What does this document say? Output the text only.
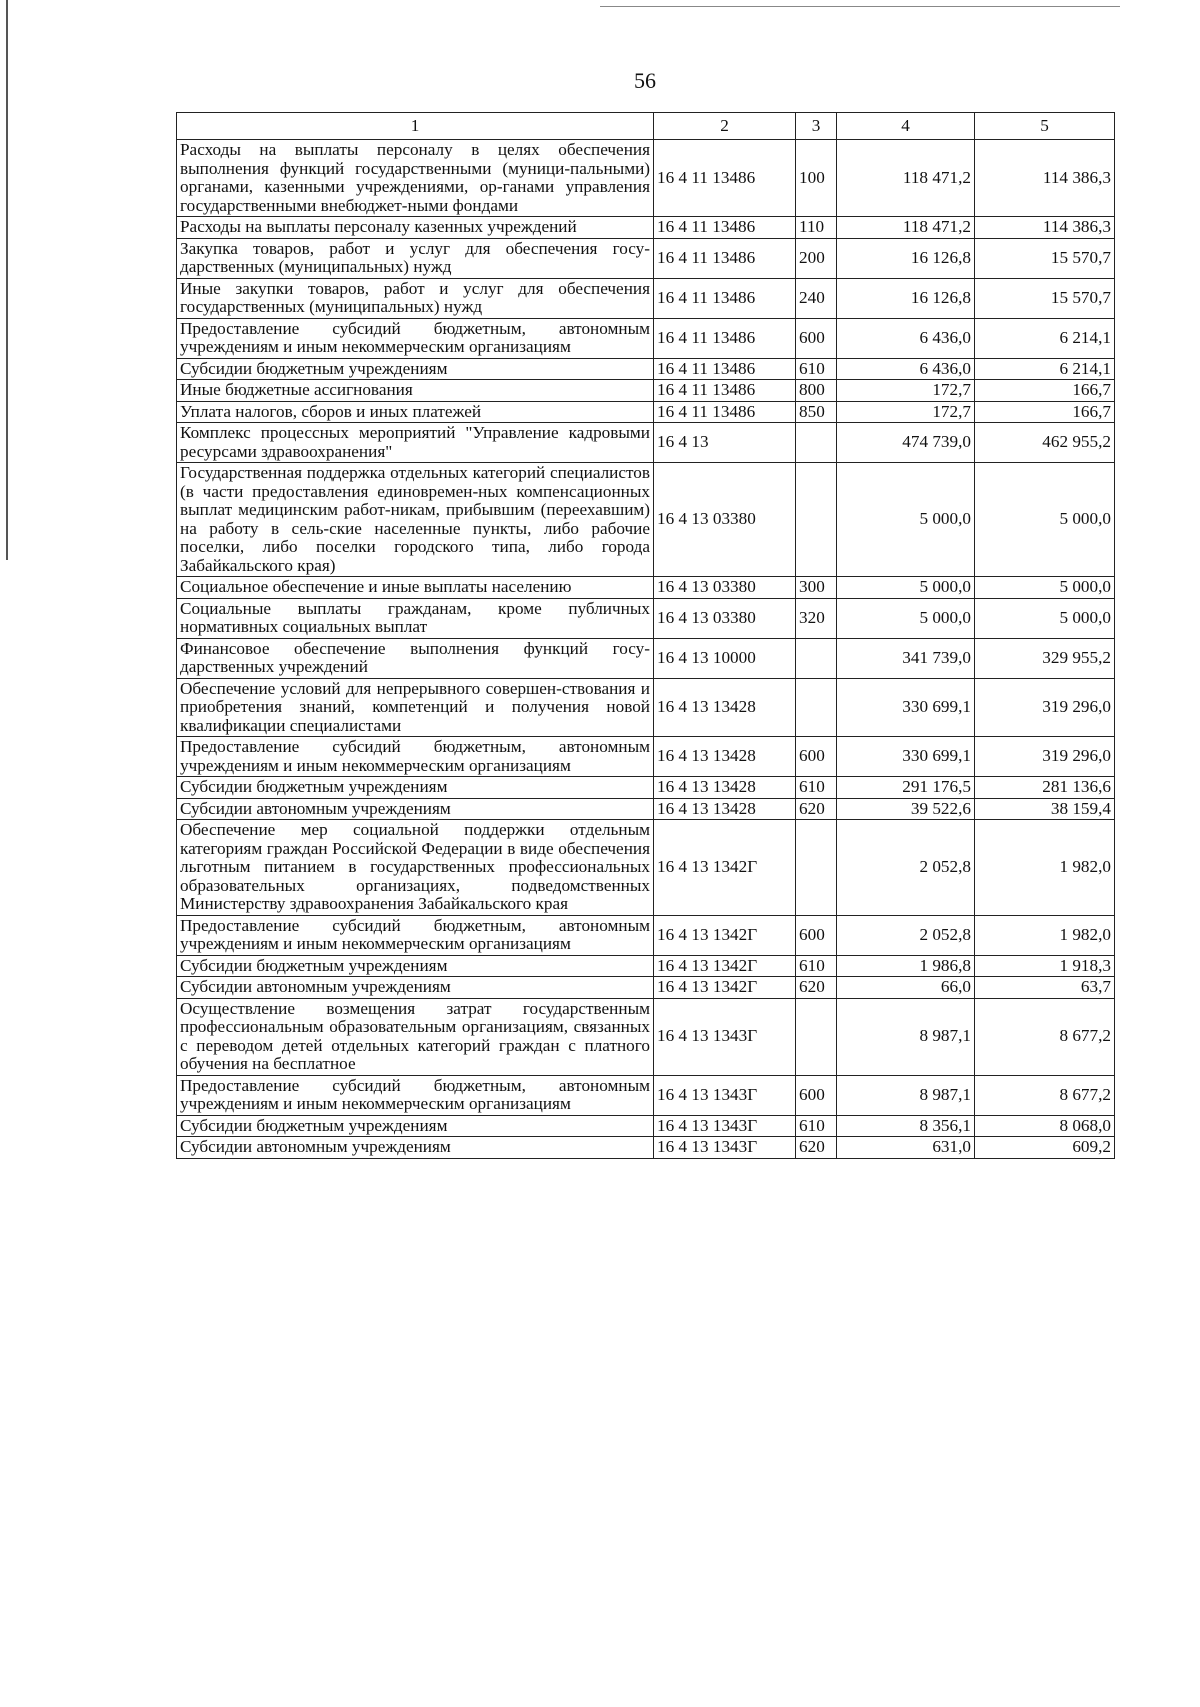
56
1	2	3	4	5
Расходы на выплаты персоналу в целях обеспечения выполнения функций государственными (муници-пальными) органами, казенными учреждениями, ор-ганами управления государственными внебюджет-ными фондами	16 4 11 13486	100	118 471,2	114 386,3
Расходы на выплаты персоналу казенных учреждений	16 4 11 13486	110	118 471,2	114 386,3
Закупка товаров, работ и услуг для обеспечения госу-дарственных (муниципальных) нужд	16 4 11 13486	200	16 126,8	15 570,7
Иные закупки товаров, работ и услуг для обеспечения государственных (муниципальных) нужд	16 4 11 13486	240	16 126,8	15 570,7
Предоставление субсидий бюджетным, автономным учреждениям и иным некоммерческим организациям	16 4 11 13486	600	6 436,0	6 214,1
Субсидии бюджетным учреждениям	16 4 11 13486	610	6 436,0	6 214,1
Иные бюджетные ассигнования	16 4 11 13486	800	172,7	166,7
Уплата налогов, сборов и иных платежей	16 4 11 13486	850	172,7	166,7
Комплекс процессных мероприятий "Управление кадровыми ресурсами здравоохранения"	16 4 13		474 739,0	462 955,2
Государственная поддержка отдельных категорий специалистов (в части предоставления единовремен-ных компенсационных выплат медицинским работ-никам, прибывшим (переехавшим) на работу в сель-ские населенные пункты, либо рабочие поселки, либо поселки городского типа, либо города Забайкальского края)	16 4 13 03380		5 000,0	5 000,0
Социальное обеспечение и иные выплаты населению	16 4 13 03380	300	5 000,0	5 000,0
Социальные выплаты гражданам, кроме публичных нормативных социальных выплат	16 4 13 03380	320	5 000,0	5 000,0
Финансовое обеспечение выполнения функций госу-дарственных учреждений	16 4 13 10000		341 739,0	329 955,2
Обеспечение условий для непрерывного совершен-ствования и приобретения знаний, компетенций и получения новой квалификации специалистами	16 4 13 13428		330 699,1	319 296,0
Предоставление субсидий бюджетным, автономным учреждениям и иным некоммерческим организациям	16 4 13 13428	600	330 699,1	319 296,0
Субсидии бюджетным учреждениям	16 4 13 13428	610	291 176,5	281 136,6
Субсидии автономным учреждениям	16 4 13 13428	620	39 522,6	38 159,4
Обеспечение мер социальной поддержки отдельным категориям граждан Российской Федерации в виде обеспечения льготным питанием в государственных профессиональных образовательных организациях, подведомственных Министерству здравоохранения Забайкальского края	16 4 13 1342Г		2 052,8	1 982,0
Предоставление субсидий бюджетным, автономным учреждениям и иным некоммерческим организациям	16 4 13 1342Г	600	2 052,8	1 982,0
Субсидии бюджетным учреждениям	16 4 13 1342Г	610	1 986,8	1 918,3
Субсидии автономным учреждениям	16 4 13 1342Г	620	66,0	63,7
Осуществление возмещения затрат государственным профессиональным образовательным организациям, связанных с переводом детей отдельных категорий граждан с платного обучения на бесплатное	16 4 13 1343Г		8 987,1	8 677,2
Предоставление субсидий бюджетным, автономным учреждениям и иным некоммерческим организациям	16 4 13 1343Г	600	8 987,1	8 677,2
Субсидии бюджетным учреждениям	16 4 13 1343Г	610	8 356,1	8 068,0
Субсидии автономным учреждениям	16 4 13 1343Г	620	631,0	609,2
